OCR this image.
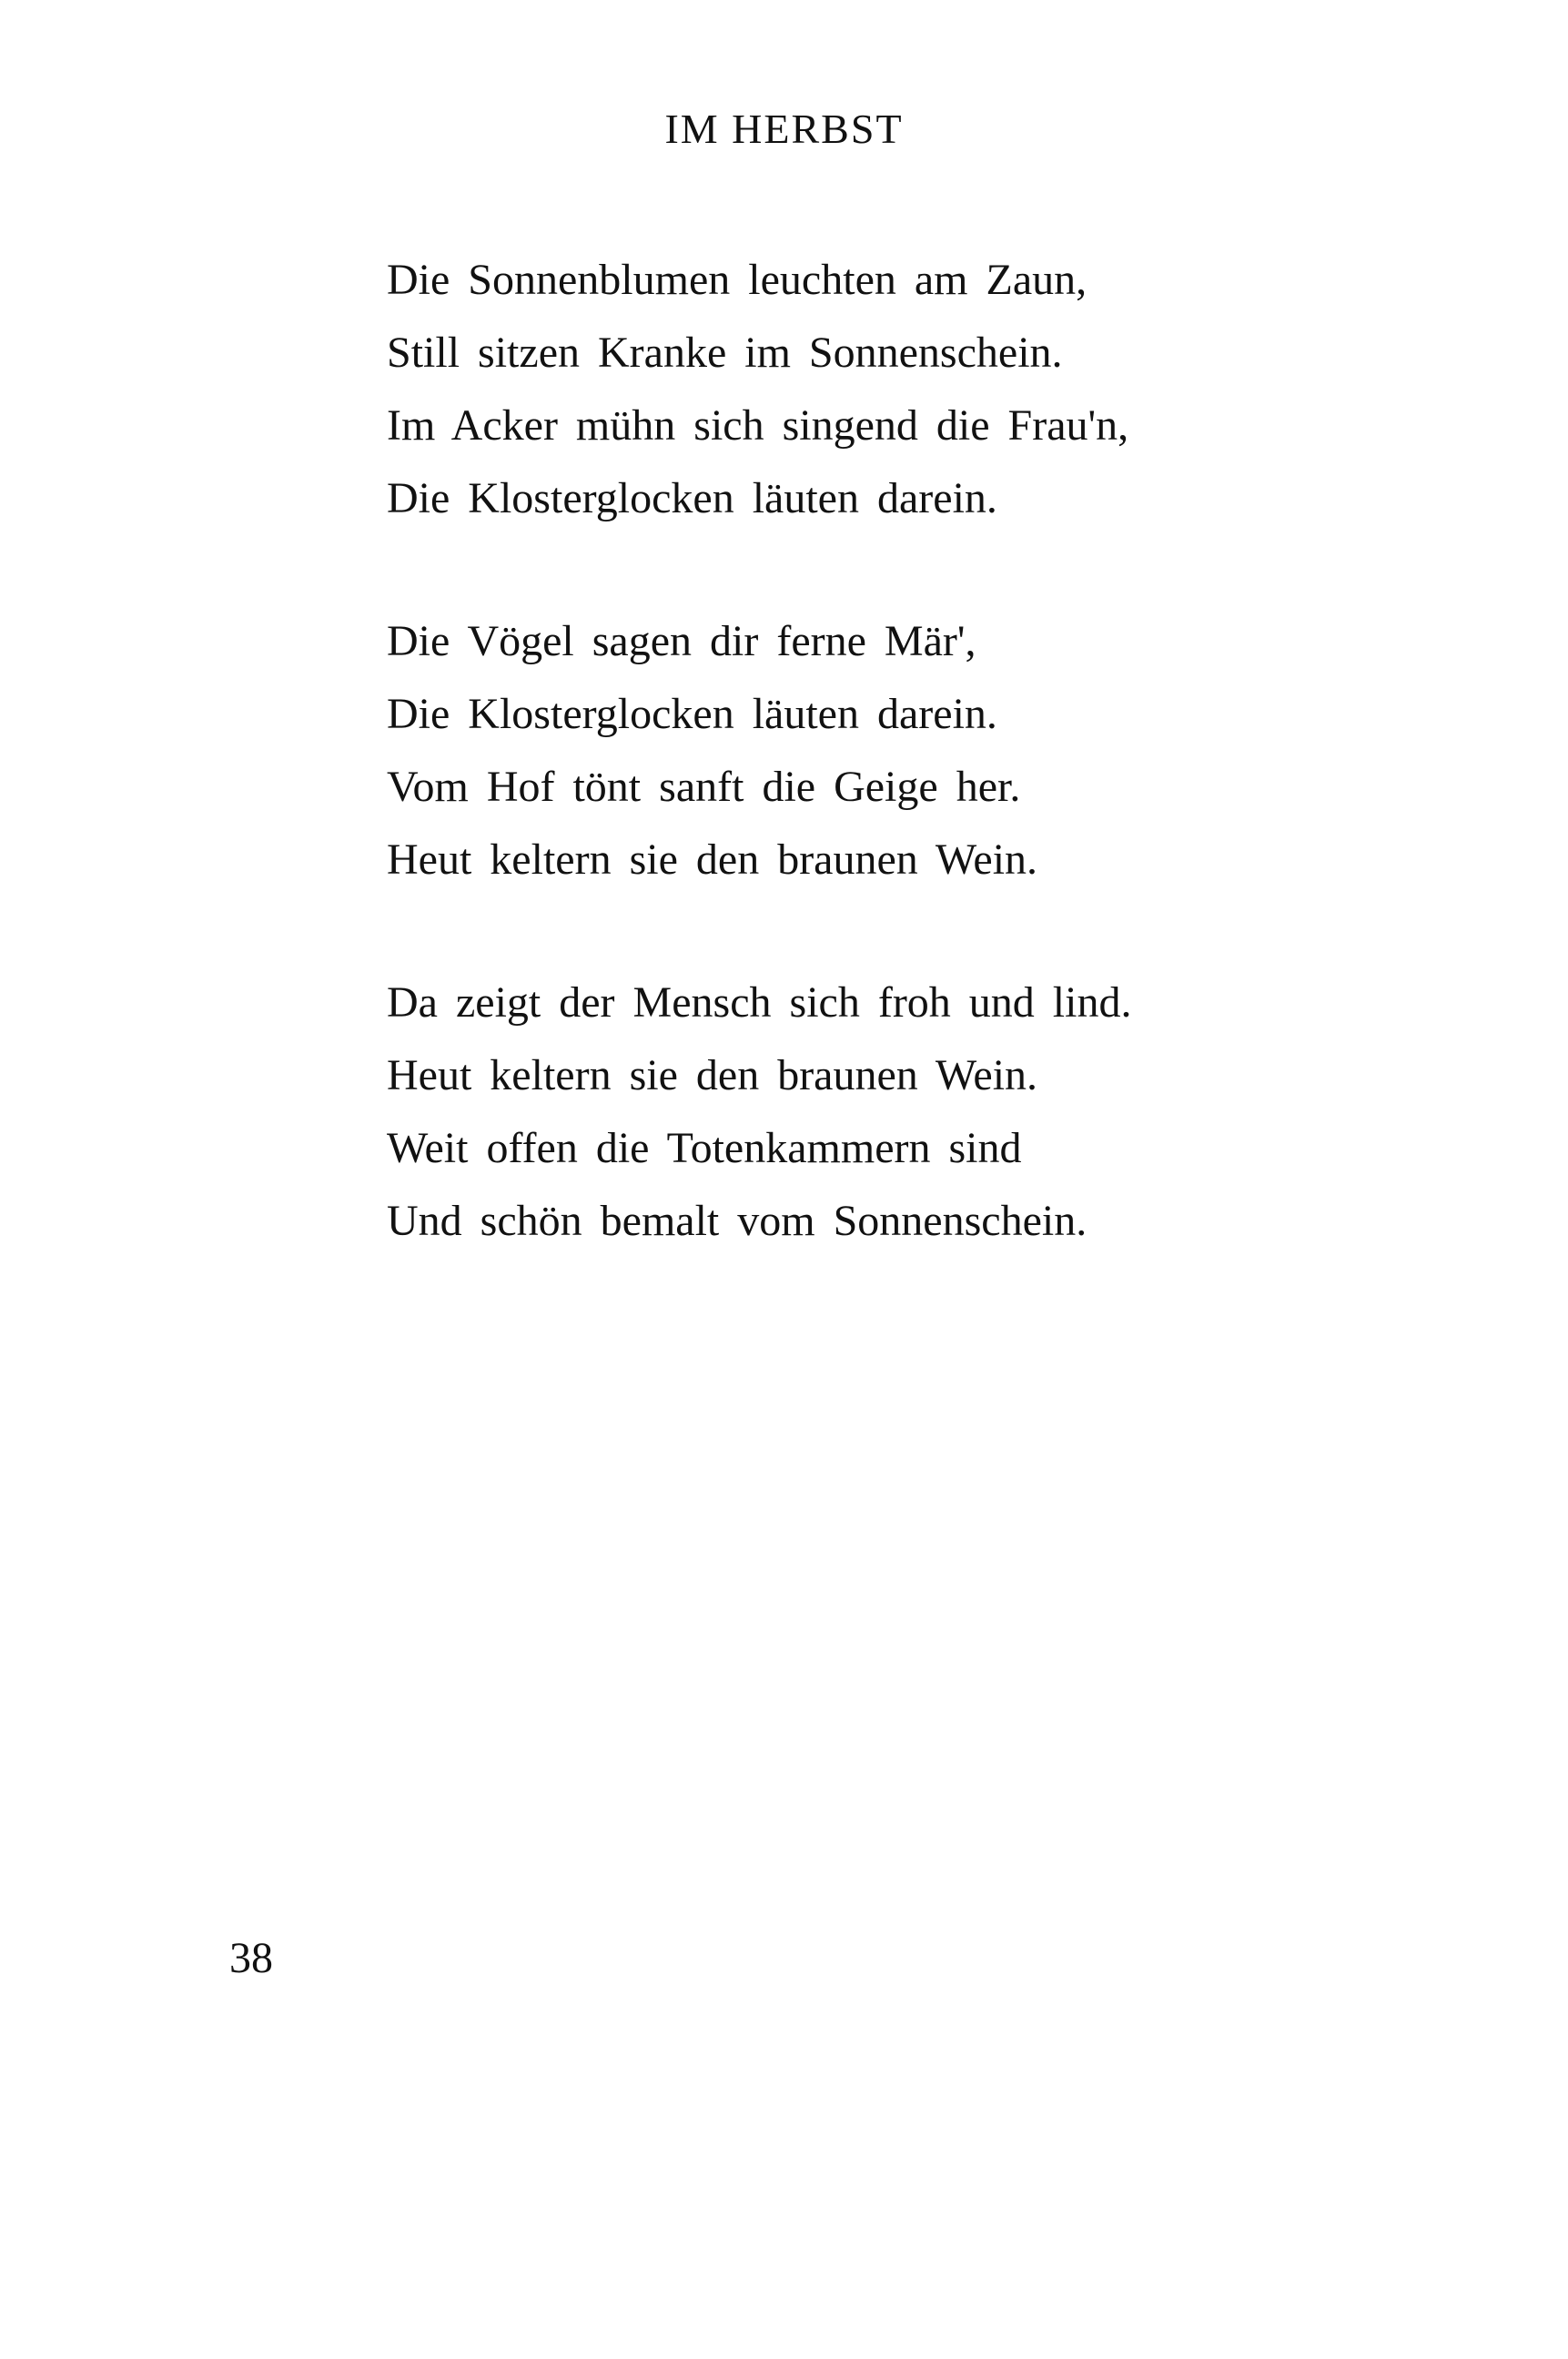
IM HERBST
Die Sonnenblumen leuchten am Zaun,
Still sitzen Kranke im Sonnenschein.
Im Acker mühn sich singend die Frau'n,
Die Klosterglocken läuten darein.
Die Vögel sagen dir ferne Mär',
Die Klosterglocken läuten darein.
Vom Hof tönt sanft die Geige her.
Heut keltern sie den braunen Wein.
Da zeigt der Mensch sich froh und lind.
Heut keltern sie den braunen Wein.
Weit offen die Totenkammern sind
Und schön bemalt vom Sonnenschein.
38
